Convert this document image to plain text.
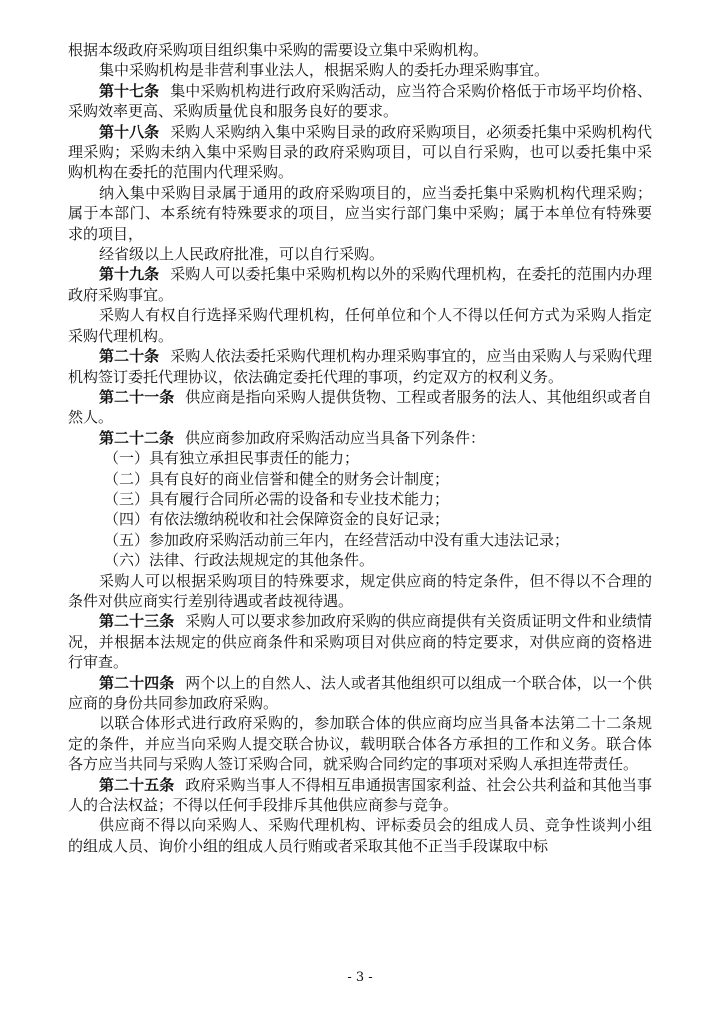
根据本级政府采购项目组织集中采购的需要设立集中采购机构。

集中采购机构是非营利事业法人，根据采购人的委托办理采购事宜。

第十七条 集中采购机构进行政府采购活动，应当符合采购价格低于市场平均价格、采购效率更高、采购质量优良和服务良好的要求。

第十八条 采购人采购纳入集中采购目录的政府采购项目，必须委托集中采购机构代理采购；采购未纳入集中采购目录的政府采购项目，可以自行采购，也可以委托集中采购机构在委托的范围内代理采购。

纳入集中采购目录属于通用的政府采购项目的，应当委托集中采购机构代理采购；属于本部门、本系统有特殊要求的项目，应当实行部门集中采购；属于本单位有特殊要求的项目，

经省级以上人民政府批准，可以自行采购。

第十九条 采购人可以委托集中采购机构以外的采购代理机构，在委托的范围内办理政府采购事宜。

采购人有权自行选择采购代理机构，任何单位和个人不得以任何方式为采购人指定采购代理机构。

第二十条 采购人依法委托采购代理机构办理采购事宜的，应当由采购人与采购代理机构签订委托代理协议，依法确定委托代理的事项，约定双方的权利义务。

第二十一条 供应商是指向采购人提供货物、工程或者服务的法人、其他组织或者自然人。

第二十二条 供应商参加政府采购活动应当具备下列条件：

（一）具有独立承担民事责任的能力；

（二）具有良好的商业信誉和健全的财务会计制度；

（三）具有履行合同所必需的设备和专业技术能力；

（四）有依法缴纳税收和社会保障资金的良好记录；

（五）参加政府采购活动前三年内，在经营活动中没有重大违法记录；

（六）法律、行政法规规定的其他条件。

采购人可以根据采购项目的特殊要求，规定供应商的特定条件，但不得以不合理的条件对供应商实行差别待遇或者歧视待遇。

第二十三条 采购人可以要求参加政府采购的供应商提供有关资质证明文件和业绩情况，并根据本法规定的供应商条件和采购项目对供应商的特定要求，对供应商的资格进行审查。

第二十四条 两个以上的自然人、法人或者其他组织可以组成一个联合体，以一个供应商的身份共同参加政府采购。

以联合体形式进行政府采购的，参加联合体的供应商均应当具备本法第二十二条规定的条件，并应当向采购人提交联合协议，载明联合体各方承担的工作和义务。联合体各方应当共同与采购人签订采购合同，就采购合同约定的事项对采购人承担连带责任。

第二十五条 政府采购当事人不得相互串通损害国家利益、社会公共利益和其他当事人的合法权益；不得以任何手段排斥其他供应商参与竞争。

供应商不得以向采购人、采购代理机构、评标委员会的组成人员、竞争性谈判小组的组成人员、询价小组的组成人员行贿或者采取其他不正当手段谋取中标

- 3 -
